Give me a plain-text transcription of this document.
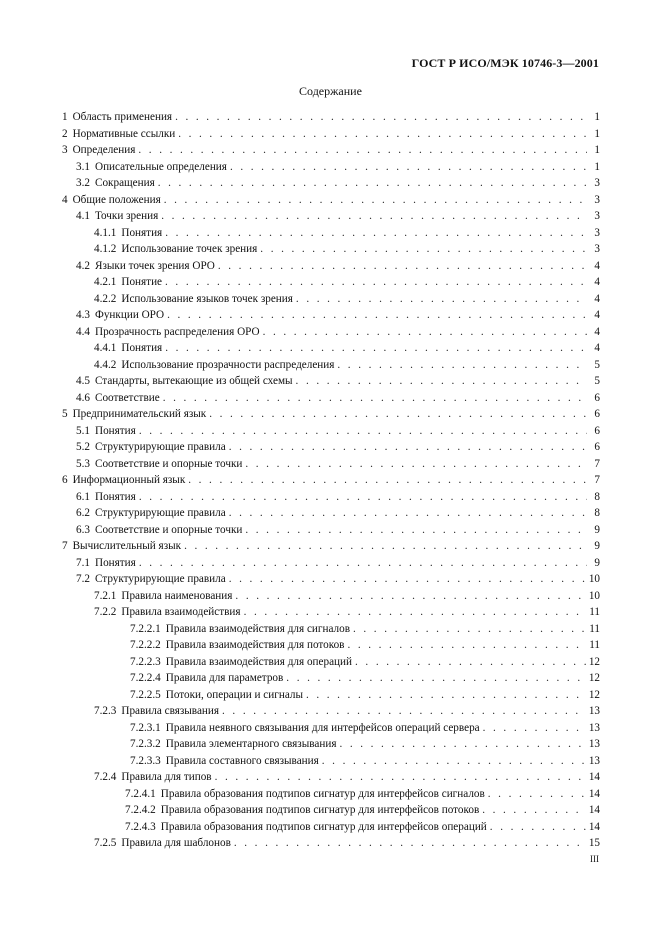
ГОСТ Р ИСО/МЭК 10746-3—2001
Содержание
1 Область применения . . .	1
2 Нормативные ссылки . . .	1
3 Определения . . .	1
3.1 Описательные определения . . .	1
3.2 Сокращения . . .	3
4 Общие положения . . .	3
4.1 Точки зрения . . .	3
4.1.1 Понятия . . .	3
4.1.2 Использование точек зрения . . .	3
4.2 Языки точек зрения ОРО . . .	4
4.2.1 Понятие . . .	4
4.2.2 Использование языков точек зрения . . .	4
4.3 Функции ОРО . . .	4
4.4 Прозрачность распределения ОРО . . .	4
4.4.1 Понятия . . .	4
4.4.2 Использование прозрачности распределения . . .	5
4.5 Стандарты, вытекающие из общей схемы . . .	5
4.6 Соответствие . . .	6
5 Предпринимательский язык . . .	6
5.1 Понятия . . .	6
5.2 Структурирующие правила . . .	6
5.3 Соответствие и опорные точки . . .	7
6 Информационный язык . . .	7
6.1 Понятия . . .	8
6.2 Структурирующие правила . . .	8
6.3 Соответствие и опорные точки . . .	9
7 Вычислительный язык . . .	9
7.1 Понятия . . .	9
7.2 Структурирующие правила . . .	10
7.2.1 Правила наименования . . .	10
7.2.2 Правила взаимодействия . . .	11
7.2.2.1 Правила взаимодействия для сигналов . . .	11
7.2.2.2 Правила взаимодействия для потоков . . .	11
7.2.2.3 Правила взаимодействия для операций . . .	12
7.2.2.4 Правила для параметров . . .	12
7.2.2.5 Потоки, операции и сигналы . . .	12
7.2.3 Правила связывания . . .	13
7.2.3.1 Правила неявного связывания для интерфейсов операций сервера . . .	13
7.2.3.2 Правила элементарного связывания . . .	13
7.2.3.3 Правила составного связывания . . .	13
7.2.4 Правила для типов . . .	14
7.2.4.1 Правила образования подтипов сигнатур для интерфейсов сигналов . . .	14
7.2.4.2 Правила образования подтипов сигнатур для интерфейсов потоков . . .	14
7.2.4.3 Правила образования подтипов сигнатур для интерфейсов операций . . .	14
7.2.5 Правила для шаблонов . . .	15
III
